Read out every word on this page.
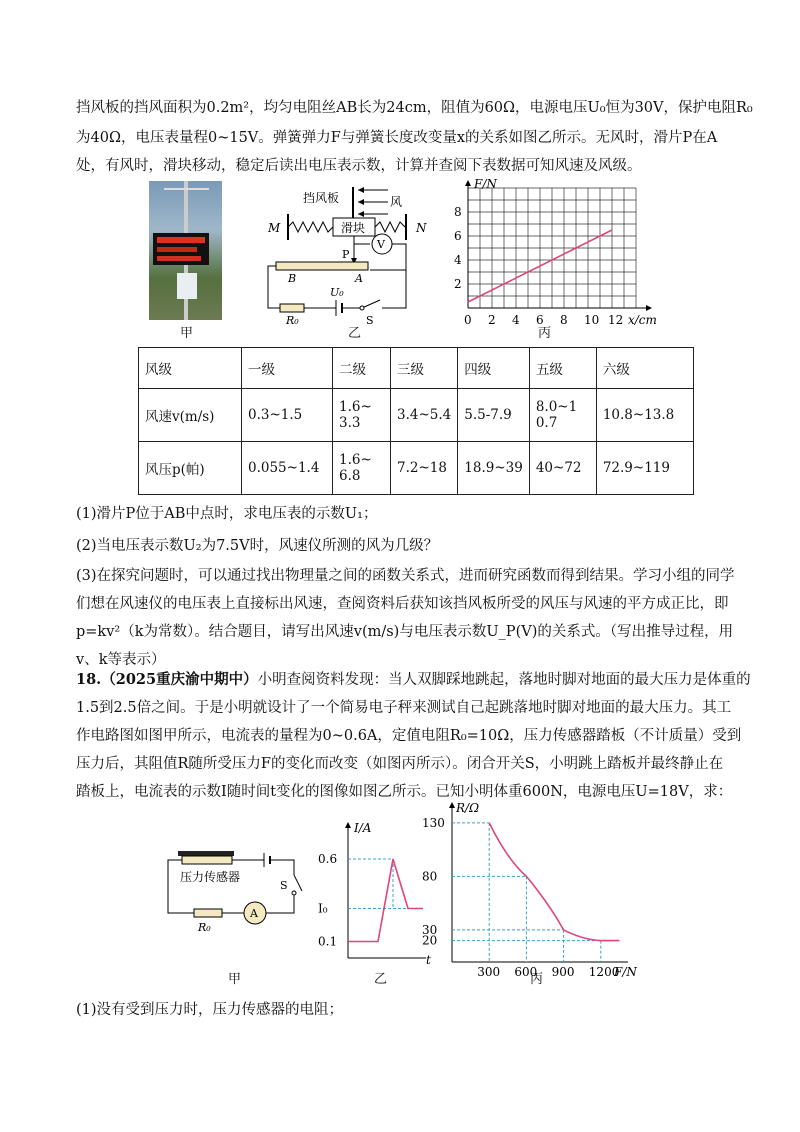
挡风板的挡风面积为0.2m²，均匀电阻丝AB长为24cm，阻值为60Ω，电源电压U₀恒为30V，保护电阻R₀
为40Ω，电压表量程0~15V。弹簧弹力F与弹簧长度改变量x的关系如图乙所示。无风时，滑片P在A
处，有风时，滑块移动，稳定后读出电压表示数，计算并查阅下表数据可知风速及风级。
甲
挡风板	风
M	滑块	N
P
V
A
B
R₀
U₀
S
乙
F/N
x/cm
2
4
6
8
0 2 4 6 8 10 12
丙
风级	一级	二级	三级	四级	五级	六级
风速v(m/s)	0.3~1.5	1.6~3.3	3.4~5.4	5.5-7.9	8.0~10.7	10.8~13.8
风压p(帕)	0.055~1.4	1.6~6.8	7.2~18	18.9~39	40~72	72.9~119
(1)滑片P位于AB中点时，求电压表的示数U₁；
(2)当电压表示数U₂为7.5V时，风速仪所测的风为几级？
(3)在探究问题时，可以通过找出物理量之间的函数关系式，进而研究函数而得到结果。学习小组的同学
们想在风速仪的电压表上直接标出风速，查阅资料后获知该挡风板所受的风压与风速的平方成正比，即
p=kv²（k为常数）。结合题目，请写出风速v(m/s)与电压表示数U_P(V)的关系式。（写出推导过程，用
v、k等表示）
18.（2025重庆渝中期中）小明查阅资料发现：当人双脚踩地跳起，落地时脚对地面的最大压力是体重的
1.5到2.5倍之间。于是小明就设计了一个简易电子秤来测试自己起跳落地时脚对地面的最大压力。其工
作电路图如图甲所示，电流表的量程为0~0.6A，定值电阻R₀=10Ω，压力传感器踏板（不计质量）受到
压力后，其阻值R随所受压力F的变化而改变（如图丙所示）。闭合开关S，小明跳上踏板并最终静止在
踏板上，电流表的示数I随时间t变化的图像如图乙所示。已知小明体重600N，电源电压U=18V，求：
压力传感器
S
R₀
A
甲
I/A
t
0.6
I₀
0.1
乙
R/Ω
F/N
130
80
30
20
300 600 900 1200
丙
(1)没有受到压力时，压力传感器的电阻；
